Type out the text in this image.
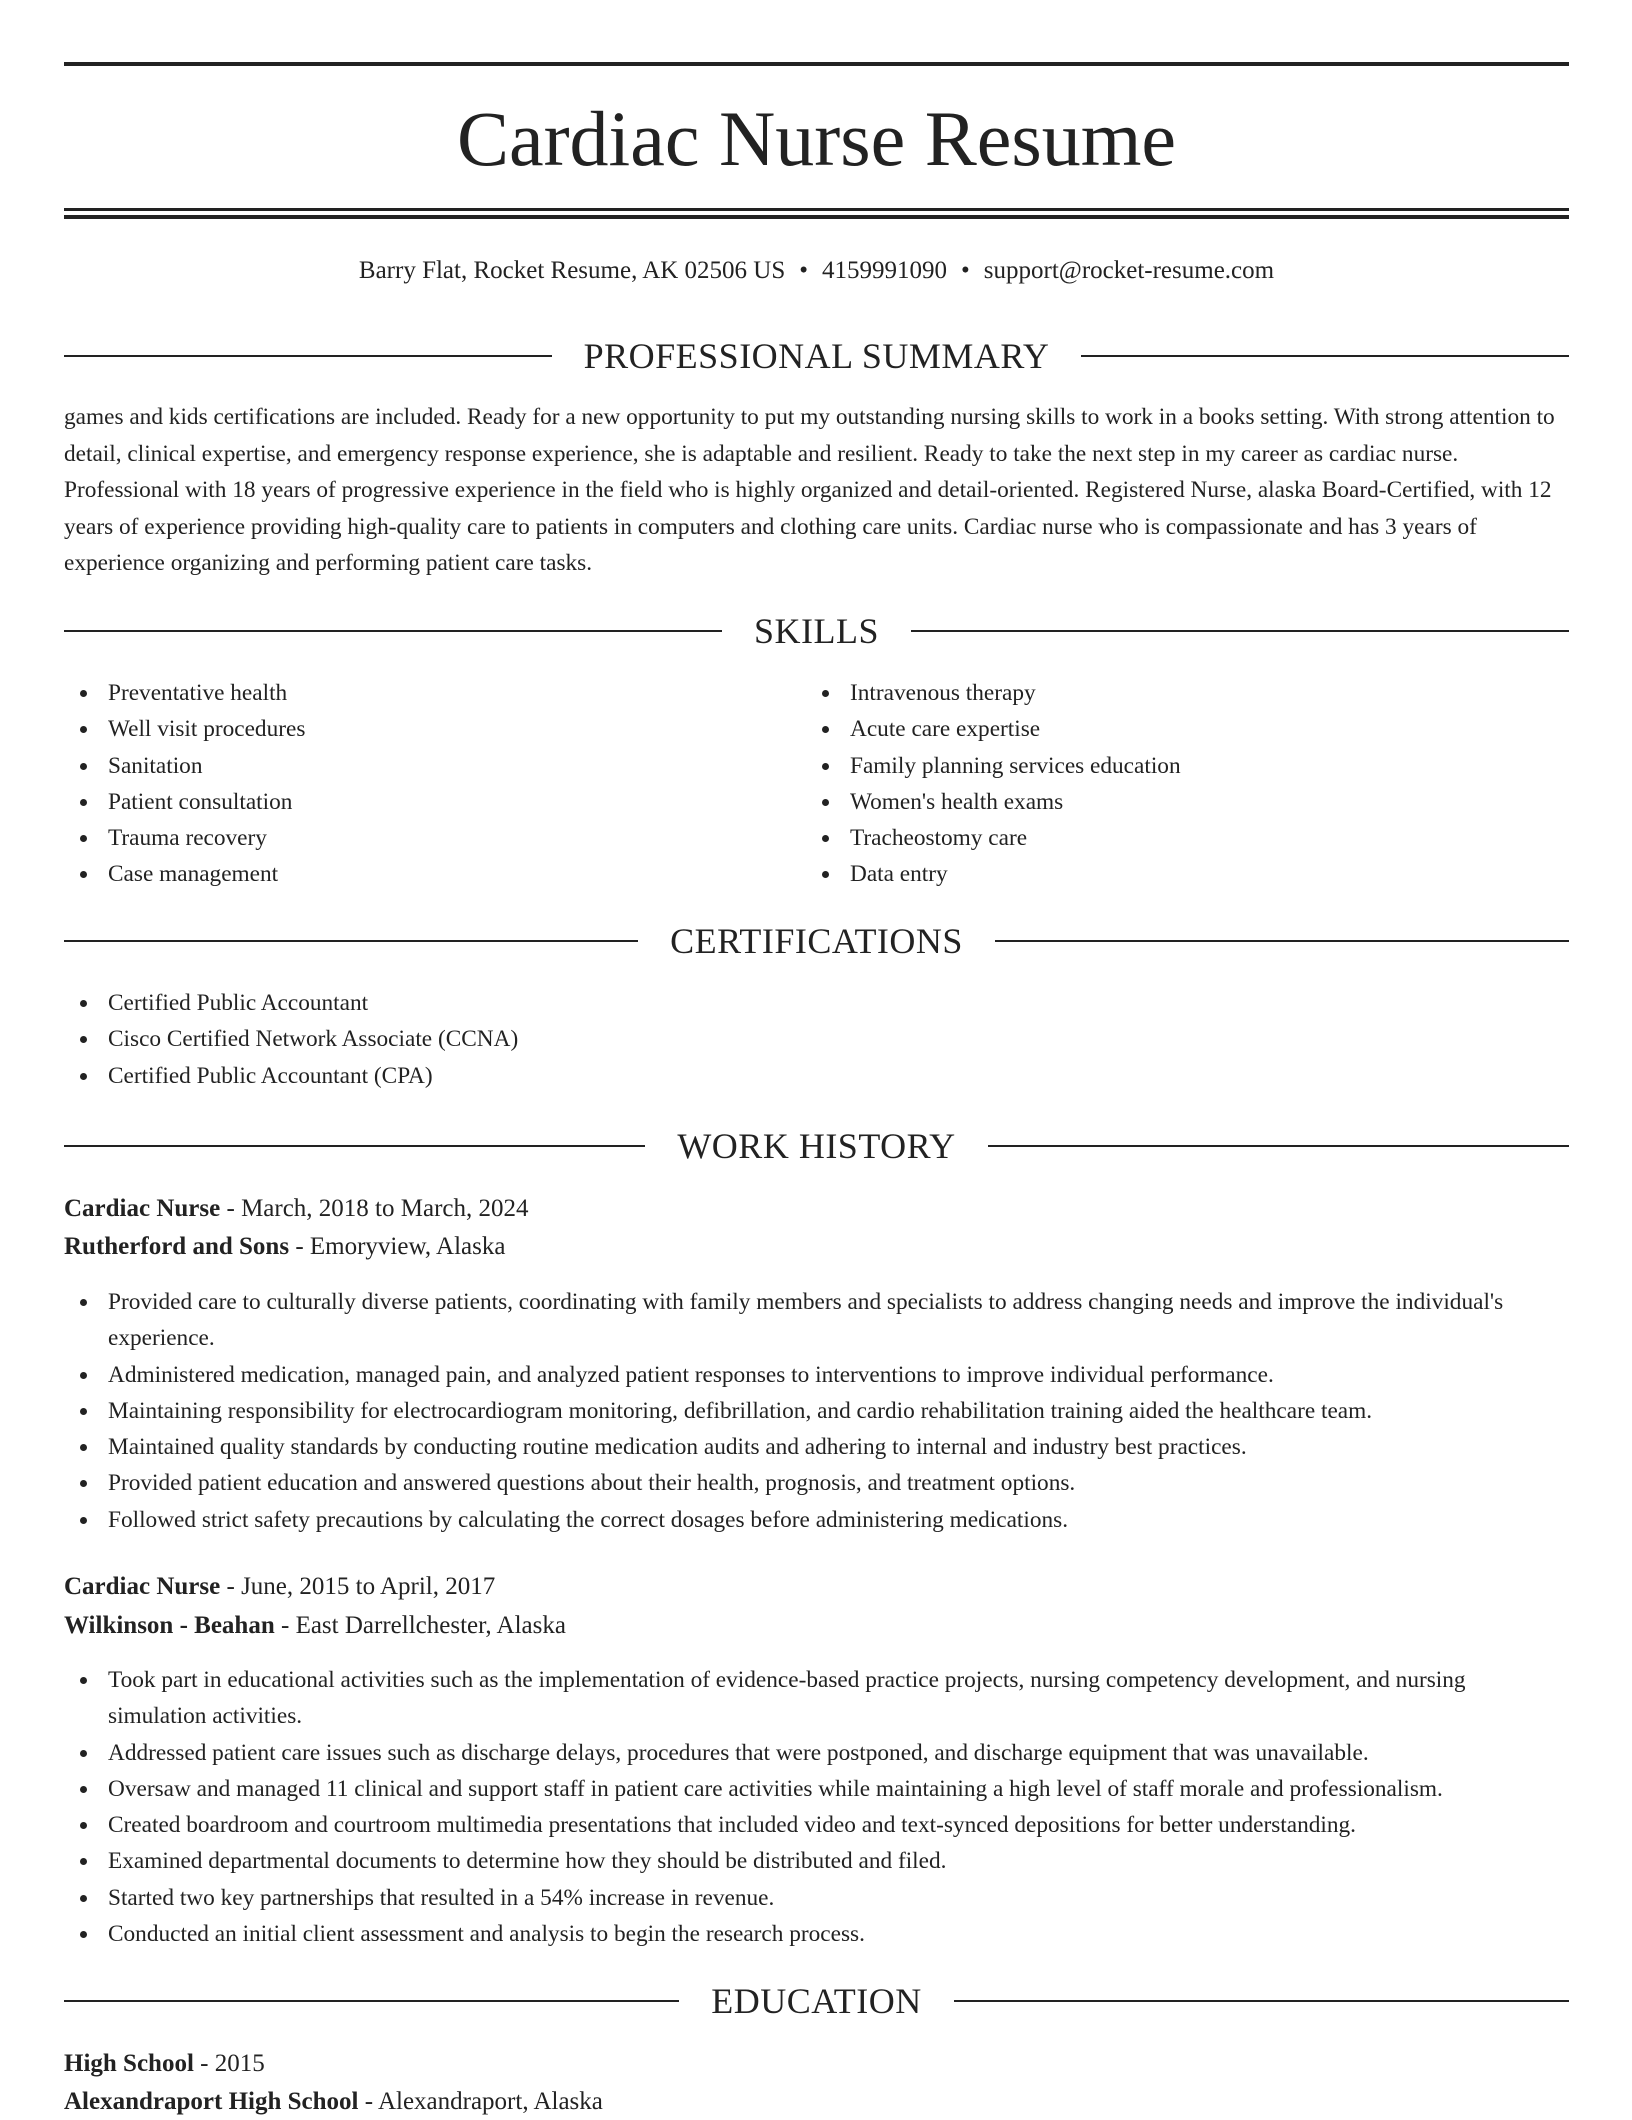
Cardiac Nurse Resume
Barry Flat, Rocket Resume, AK 02506 US • 4159991090 • support@rocket-resume.com
PROFESSIONAL SUMMARY

games and kids certifications are included. Ready for a new opportunity to put my outstanding nursing skills to work in a books setting. With strong attention to detail, clinical expertise, and emergency response experience, she is adaptable and resilient. Ready to take the next step in my career as cardiac nurse. Professional with 18 years of progressive experience in the field who is highly organized and detail-oriented. Registered Nurse, alaska Board-Certified, with 12 years of experience providing high-quality care to patients in computers and clothing care units. Cardiac nurse who is compassionate and has 3 years of experience organizing and performing patient care tasks.

SKILLS
Preventative health
Well visit procedures
Sanitation
Patient consultation
Trauma recovery
Case management
Intravenous therapy
Acute care expertise
Family planning services education
Women's health exams
Tracheostomy care
Data entry
CERTIFICATIONS
Certified Public Accountant
Cisco Certified Network Associate (CCNA)
Certified Public Accountant (CPA)
WORK HISTORY
Cardiac Nurse - March, 2018 to March, 2024
Rutherford and Sons - Emoryview, Alaska
Provided care to culturally diverse patients, coordinating with family members and specialists to address changing needs and improve the individual's experience.
Administered medication, managed pain, and analyzed patient responses to interventions to improve individual performance.
Maintaining responsibility for electrocardiogram monitoring, defibrillation, and cardio rehabilitation training aided the healthcare team.
Maintained quality standards by conducting routine medication audits and adhering to internal and industry best practices.
Provided patient education and answered questions about their health, prognosis, and treatment options.
Followed strict safety precautions by calculating the correct dosages before administering medications.
Cardiac Nurse - June, 2015 to April, 2017
Wilkinson - Beahan - East Darrellchester, Alaska
Took part in educational activities such as the implementation of evidence-based practice projects, nursing competency development, and nursing simulation activities.
Addressed patient care issues such as discharge delays, procedures that were postponed, and discharge equipment that was unavailable.
Oversaw and managed 11 clinical and support staff in patient care activities while maintaining a high level of staff morale and professionalism.
Created boardroom and courtroom multimedia presentations that included video and text-synced depositions for better understanding.
Examined departmental documents to determine how they should be distributed and filed.
Started two key partnerships that resulted in a 54% increase in revenue.
Conducted an initial client assessment and analysis to begin the research process.
EDUCATION
High School - 2015
Alexandraport High School - Alexandraport, Alaska
